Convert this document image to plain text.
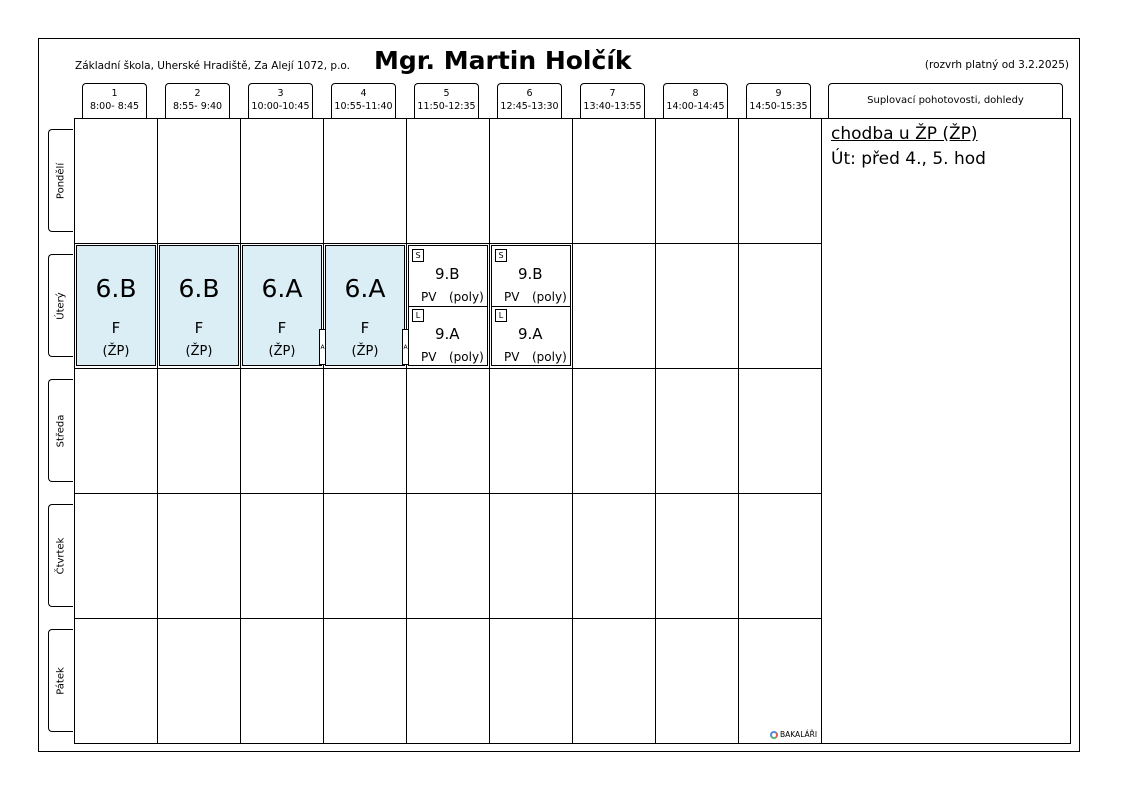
Základní škola, Uherské Hradiště, Za Alejí 1072, p.o. Mgr. Martin Holčík	(rozvrh platný od 3.2.2025)
1
8:00- 8:45
2
8:55- 9:40
3
10:00-10:45
4
10:55-11:40
5
11:50-12:35
6
12:45-13:30
7
13:40-13:55
8
14:00-14:45
9
14:50-15:35
Suplovací pohotovosti, dohledy
Pondělí
Úterý
Středa
Čtvrtek
Pátek
6.B
F
(ŽP)
6.B
F
(ŽP)
6.A
F
(ŽP)
6.A
F
(ŽP)
A	A
S
9.B
PV (poly)
L
9.A
PV (poly)
S
9.B
PV (poly)
L
9.A
PV (poly)
chodba u ŽP (ŽP)
Út: před 4., 5. hod
BAKALÁŘI
